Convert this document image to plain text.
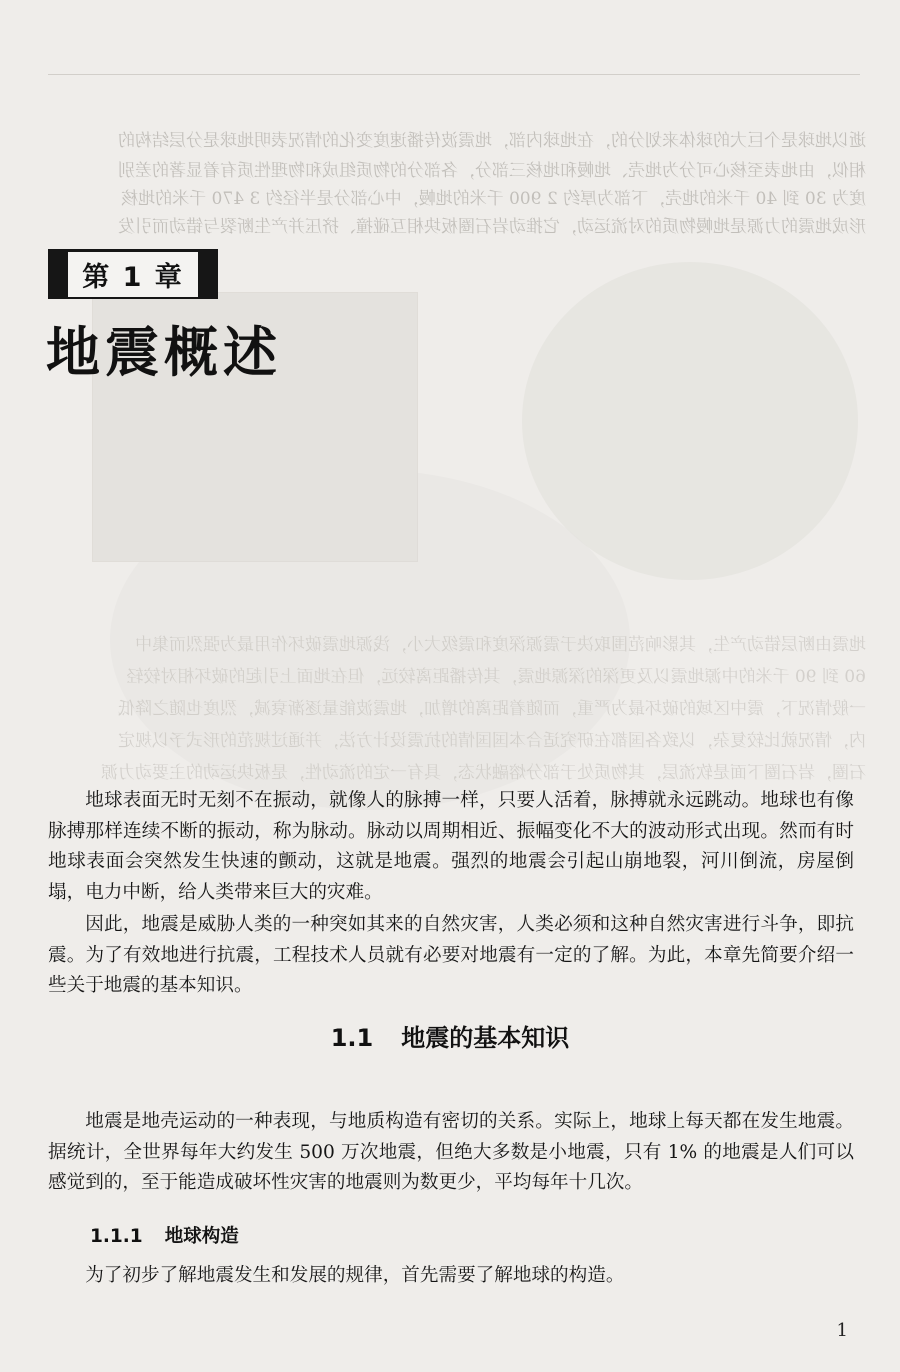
逝以地球是个巨大的球体来划分的，在地球内部，地震波传播速度变化的情况表明地球是分层结构的
相似，由地表至核心可分为地壳、地幔和地核三部分，各部分的物质组成和物理性质有着显著的差别
度为 30 到 40 千米的地壳，下部为厚约 2 900 千米的地幔，中心部分是半径约 3 470 千米的地核
形成地震的力源是地幔物质的对流运动，它推动岩石圈板块相互碰撞、挤压并产生断裂与错动而引发
地震由断层错动产生，其影响范围取决于震源深度和震级大小，浅源地震破坏作用最为强烈而集中
60 到 90 千米的中源地震以及更深的深源地震，其传播距离较远，但在地面上引起的破坏相对较轻
一般情况下，震中区域的破坏最为严重，而随着距离的增加，地震波能量逐渐衰减，烈度也随之降低
内，情况就比较复杂，以致各国都在研究适合本国国情的抗震设计方法，并通过规范的形式予以规定
石圈，岩石圈下面是软流层，其物质处于部分熔融状态，具有一定的流动性，是板块运动的主要动力源
第 1 章
地震概述

地球表面无时无刻不在振动，就像人的脉搏一样，只要人活着，脉搏就永远跳动。地球也有像脉搏那样连续不断的振动，称为脉动。脉动以周期相近、振幅变化不大的波动形式出现。然而有时地球表面会突然发生快速的颤动，这就是地震。强烈的地震会引起山崩地裂，河川倒流，房屋倒塌，电力中断，给人类带来巨大的灾难。

因此，地震是威胁人类的一种突如其来的自然灾害，人类必须和这种自然灾害进行斗争，即抗震。为了有效地进行抗震，工程技术人员就有必要对地震有一定的了解。为此，本章先简要介绍一些关于地震的基本知识。

1.1 地震的基本知识

地震是地壳运动的一种表现，与地质构造有密切的关系。实际上，地球上每天都在发生地震。据统计，全世界每年大约发生 500 万次地震，但绝大多数是小地震，只有 1% 的地震是人们可以感觉到的，至于能造成破坏性灾害的地震则为数更少，平均每年十几次。

1.1.1 地球构造

为了初步了解地震发生和发展的规律，首先需要了解地球的构造。

1
